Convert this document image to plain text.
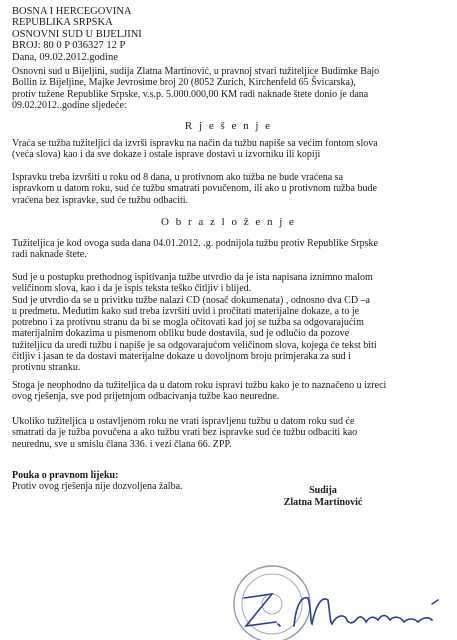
BOSNA I HERCEGOVINA
REPUBLIKA SRPSKA
OSNOVNI SUD U BIJELJINI
BROJ: 80 0 P 036327 12 P
Dana, 09.02.2012.godine
Osnovni sud u Bijeljini, sudija Zlatna Martinović, u pravnoj stvari tužiteljice Budimke Bajo
Bollin iz Bijeljine, Majke Jevrosime broj 20 (8052 Zurich, Kirchenfeld 65 Švicarska),
protiv tužene Republike Srpske, v.s.p. 5.000.000,00 KM radi naknade štete donio je dana
09.02.2012..godine sljedeće:
R j e š e n j e
Vraća se tužba tužiteljici da izvrši ispravku na način da tužbu napiše sa većim fontom slova
(veća slova) kao i da sve dokaze i ostale isprave dostavi u izvorniku ili kopiji
Ispravku treba izvršiti u roku od 8 dana, u protivnom ako tužba ne bude vraćena sa
ispravkom u datom roku, sud će tužbu smatrati povučenom, ili ako u protivnom tužba bude
vraćena bez ispravke, sud će tužbu odbaciti.
O b r a z l o ž e n j e
Tužiteljica je kod ovoga suda dana 04.01.2012. .g. podnijola tužbu protiv Republike Srpske
radi naknade štete.
Sud je u postupku prethodnog ispitivanja tužbe utvrdio da je ista napisana iznimno malom
veličinom slova, kao i da je ispis teksta teško čitljiv i blijed.
Sud je utvrdio da se u privitku tužbe nalazi CD (nosač dokumenata) , odnosno dva CD –a
u predmetu. Međutim kako sud treba izvršiti uvid i pročitati materijalne dokaze, a to je
potrebno i za protivnu stranu da bi se mogla očitovati kad joj se tužba sa odgovarajućim
materijalnim dokazima u pismenom obliku bude dostavila, sud je odlučio da pozove
tužiteljicu da uredi tužbu i napiše je sa odgovarajućom veličinom slova, kojega će tekst biti
čitljiv i jasan te da dostavi materijalne dokaze u dovoljnom broju primjeraka za sud i
protivnu stranku.
Stoga je neophodno da tužiteljica da u datom roku ispravi tužbu kako je to naznačeno u izreci
ovog rješenja, sve pod prijetnjom odbacivanja tužbe kao neuredne.
Ukoliko tužiteljica u ostavljenom roku ne vrati ispravljenu tužbu u datom roku sud će
smatrati da je tužba povučena a ako tužbu vrati bez ispravke sud će tužbu odbaciti kao
neurednu, sve u smislu člana 336. i vezi člana 66. ZPP.
Pouka o pravnom lijeku:
Protiv ovog rješenja nije dozvoljena žalba.	Sudija
Zlatna Martinović
